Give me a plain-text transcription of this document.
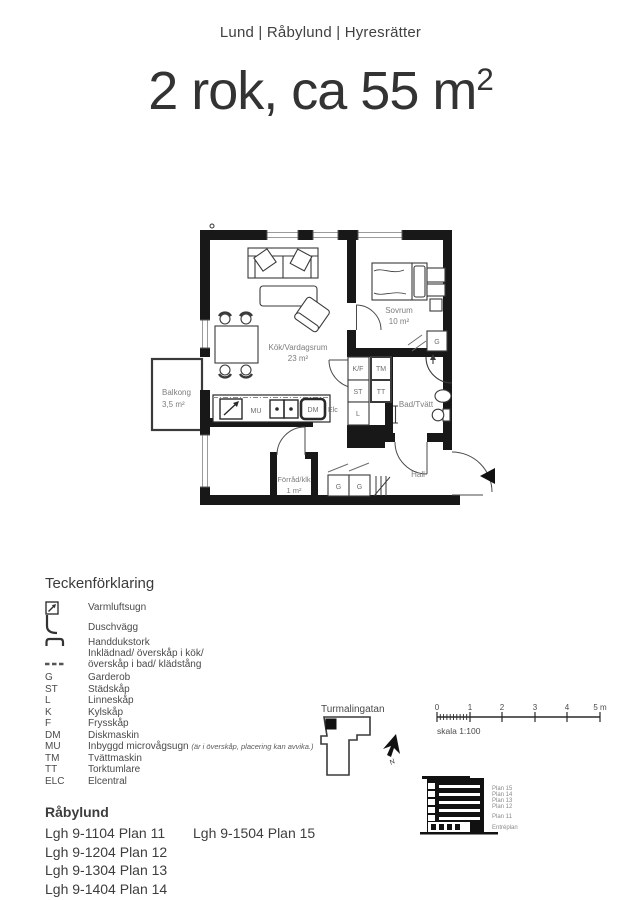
Lund | Råbylund | Hyresrätter
2 rok, ca 55 $m^2$
Balkong
3,5 m²
K/F
ST
L
TM
TT
G
G G
MU	DM Elc
Kök/Vardagsrum
23 m²
Sovrum
10 m²
Bad/Tvätt
Hall
Förråd/klk
1 m²
Teckenförklaring
Varmluftsugn
Duschvägg
Handdukstork
Inklädnad/ överskåp i kök/
överskåp i bad/ klädstång
G	Garderob
ST	Städskåp
L	Linneskåp
K	Kylskåp
F	Frysskåp
DM	Diskmaskin
MU	Inbyggd microvågsugn (är i överskåp, placering kan avvika.)
TM	Tvättmaskin
TT	Torktumlare
ELC Elcentral
Turmalingatan
N
0	1	2	3	4	5 m
skala 1:100
Plan 15
Plan 14
Plan 13
Plan 12
Plan 11
Entréplan
Råbylund
Lgh 9-1104 Plan 11
Lgh 9-1204 Plan 12
Lgh 9-1304 Plan 13
Lgh 9-1404 Plan 14
Lgh 9-1504 Plan 15
